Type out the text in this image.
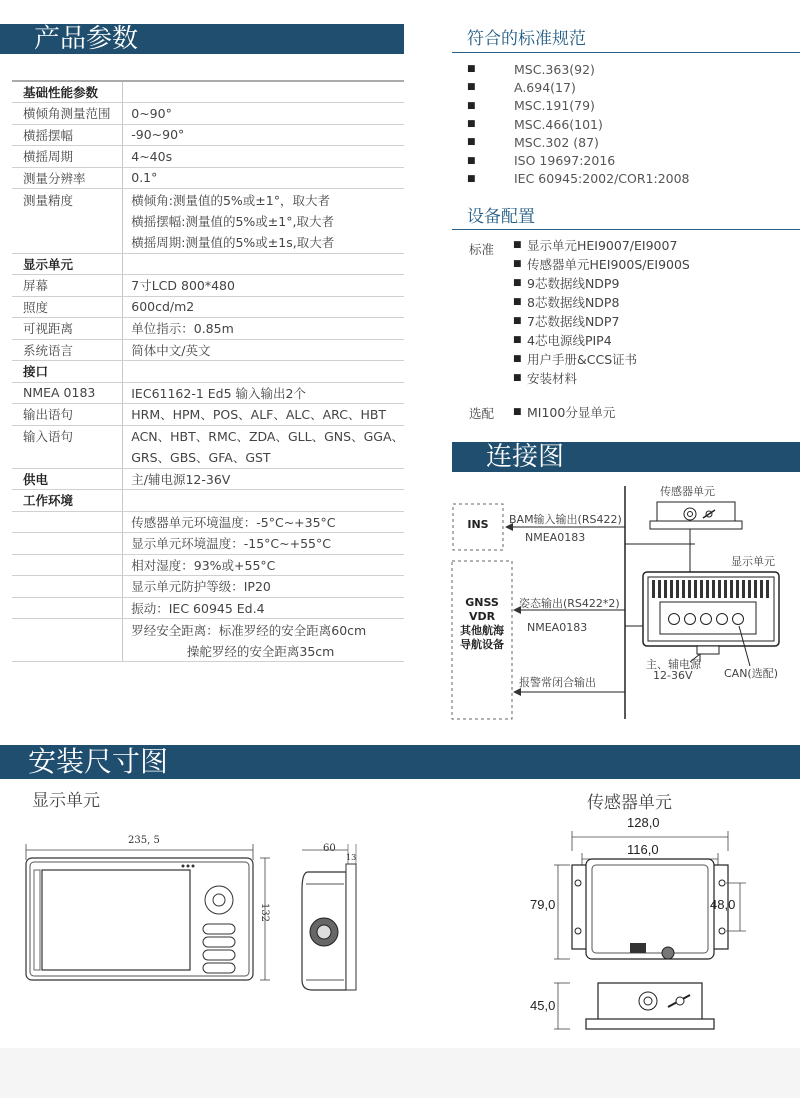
产品参数
基础性能参数	
横倾角测量范围	0~90°
横摇摆幅	-90~90°
横摇周期	4~40s
测量分辨率	0.1°
测量精度	横倾角:测量值的5%或±1°，取大者
	横摇摆幅:测量值的5%或±1°,取大者
	横摇周期:测量值的5%或±1s,取大者
显示单元	
屏幕	7寸LCD 800*480
照度	600cd/m2
可视距离	单位指示：0.85m
系统语言	简体中文/英文
接口	
NMEA 0183	IEC61162-1 Ed5 输入输出2个
输出语句	HRM、HPM、POS、ALF、ALC、ARC、HBT
输入语句	ACN、HBT、RMC、ZDA、GLL、GNS、GGA、
	GRS、GBS、GFA、GST
供电	主/辅电源12-36V
工作环境	
	传感器单元环境温度：-5°C~+35°C
	显示单元环境温度：-15°C~+55°C
	相对湿度：93%或+55°C
	显示单元防护等级：IP20
	振动：IEC 60945 Ed.4
	罗经安全距离：标准罗经的安全距离60cm
	操舵罗经的安全距离35cm
符合的标准规范
■	MSC.363(92)
■	A.694(17)
■	MSC.191(79)
■	MSC.466(101)
■	MSC.302 (87)
■	ISO 19697:2016
■	IEC 60945:2002/COR1:2008
设备配置
标准 ■ 显示单元HEI9007/EI9007
■ 传感器单元HEI900S/EI900S
■ 9芯数据线NDP9
■ 8芯数据线NDP8
■ 7芯数据线NDP7
■ 4芯电源线PIP4
■ 用户手册&CCS证书
■ 安装材料
选配 ■ MI100分显单元
连接图
传感器单元
显示单元
INS
GNSS
VDR
其他航海
导航设备
BAM输入输出(RS422)
NMEA0183
姿态输出(RS422*2)
NMEA0183
报警常闭合输出
主、辅电源
12-36V	CAN(选配)
安装尺寸图
显示单元	传感器单元
235, 5
132
60
13
128,0
116,0
79,0	48,0
45,0
